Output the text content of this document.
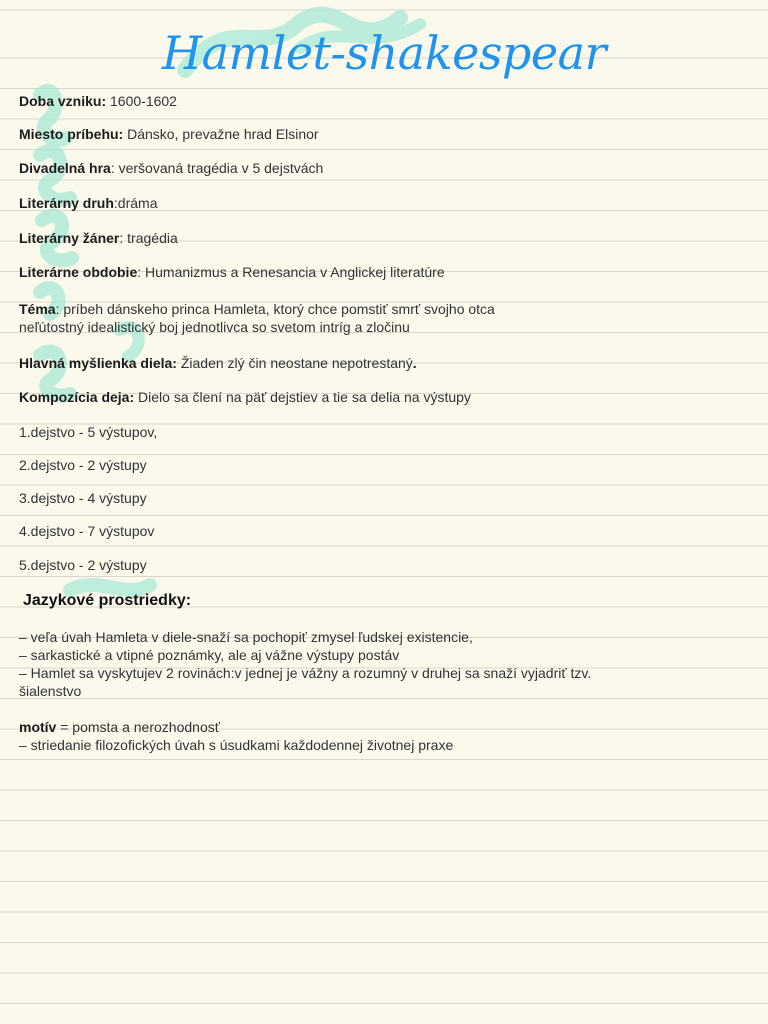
Hamlet-shakespear
Doba vzniku: 1600-1602
Miesto príbehu: Dánsko, prevažne hrad Elsinor
Divadelná hra: veršovaná tragédia v 5 dejstvách
Literárny druh:dráma
Literárny žáner: tragédia
Literárne obdobie: Humanizmus a Renesancia v Anglickej literatúre
Téma: príbeh dánskeho princa Hamleta, ktorý chce pomstiť smrť svojho otca
neľútostný idealistický boj jednotlivca so svetom intríg a zločinu
Hlavná myšlienka diela: Žiaden zlý čin neostane nepotrestaný.
Kompozícia deja: Dielo sa člení na päť dejstiev a tie sa delia na výstupy
1.dejstvo - 5 výstupov,
2.dejstvo - 2 výstupy
3.dejstvo - 4 výstupy
4.dejstvo - 7 výstupov
5.dejstvo - 2 výstupy
Jazykové prostriedky:
– veľa úvah Hamleta v diele-snaží sa pochopiť zmysel ľudskej existencie,
– sarkastické a vtipné poznámky, ale aj vážne výstupy postáv
– Hamlet sa vyskytujev 2 rovinách:v jednej je vážny a rozumný v druhej sa snaží vyjadriť tzv.
šialenstvo
motív = pomsta a nerozhodnosť
– striedanie filozofických úvah s úsudkami každodennej životnej praxe
